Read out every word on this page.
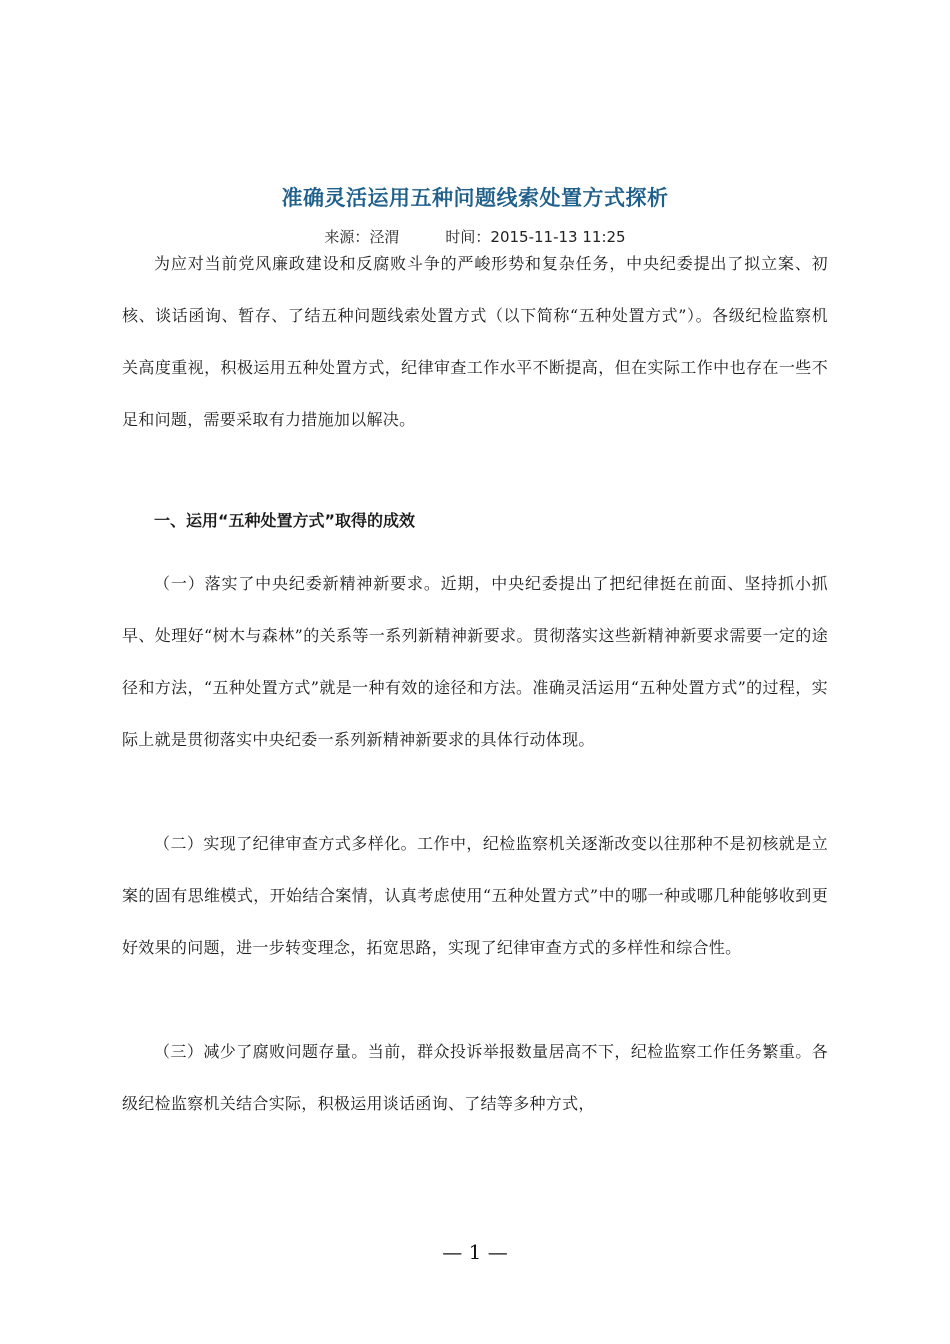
准确灵活运用五种问题线索处置方式探析
来源：泾渭	时间：2015-11-13 11:25

为应对当前党风廉政建设和反腐败斗争的严峻形势和复杂任务，中央纪委提出了拟立案、初核、谈话函询、暂存、了结五种问题线索处置方式（以下简称“五种处置方式”）。各级纪检监察机关高度重视，积极运用五种处置方式，纪律审查工作水平不断提高，但在实际工作中也存在一些不足和问题，需要采取有力措施加以解决。

一、运用“五种处置方式”取得的成效

（一）落实了中央纪委新精神新要求。近期，中央纪委提出了把纪律挺在前面、坚持抓小抓早、处理好“树木与森林”的关系等一系列新精神新要求。贯彻落实这些新精神新要求需要一定的途径和方法，“五种处置方式”就是一种有效的途径和方法。准确灵活运用“五种处置方式”的过程，实际上就是贯彻落实中央纪委一系列新精神新要求的具体行动体现。

（二）实现了纪律审查方式多样化。工作中，纪检监察机关逐渐改变以往那种不是初核就是立案的固有思维模式，开始结合案情，认真考虑使用“五种处置方式”中的哪一种或哪几种能够收到更好效果的问题，进一步转变理念，拓宽思路，实现了纪律审查方式的多样性和综合性。

（三）减少了腐败问题存量。当前，群众投诉举报数量居高不下，纪检监察工作任务繁重。各级纪检监察机关结合实际，积极运用谈话函询、了结等多种方式，

— 1 —
